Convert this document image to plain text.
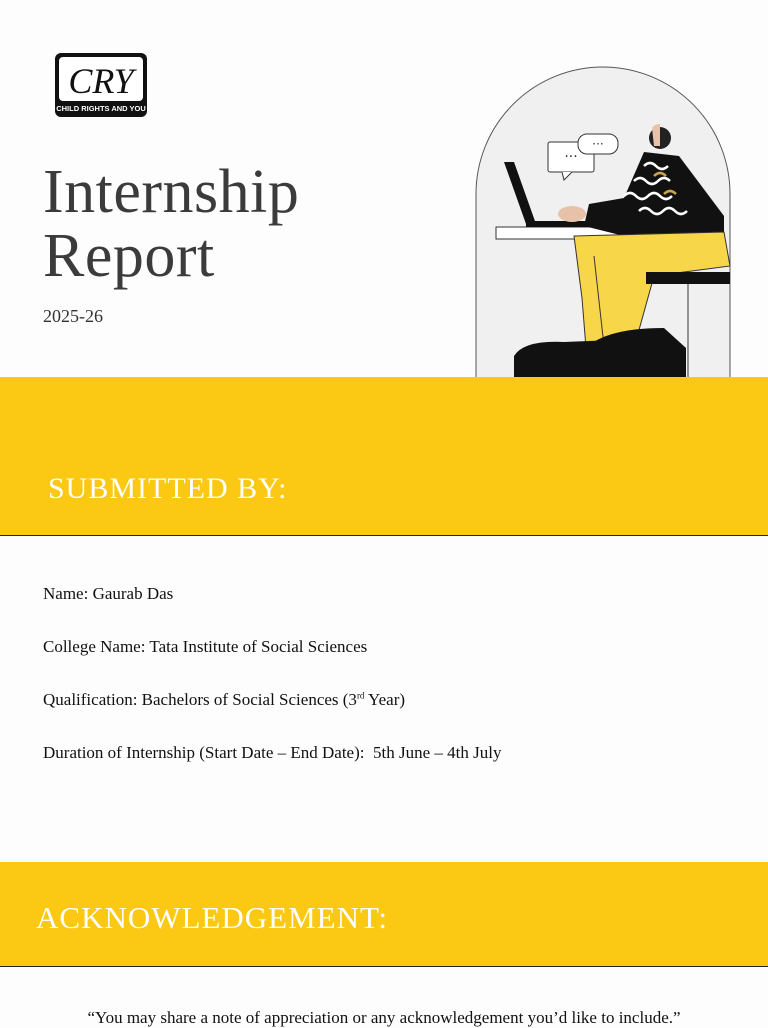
CRY
CHILD RIGHTS AND YOU
Internship
Report
2025-26
···
···
SUBMITTED BY:
Name: Gaurab Das
College Name: Tata Institute of Social Sciences
Qualification: Bachelors of Social Sciences (3rd Year)
Duration of Internship (Start Date – End Date): 5th June – 4th July
ACKNOWLEDGEMENT:
“You may share a note of appreciation or any acknowledgement you’d like to include.”
